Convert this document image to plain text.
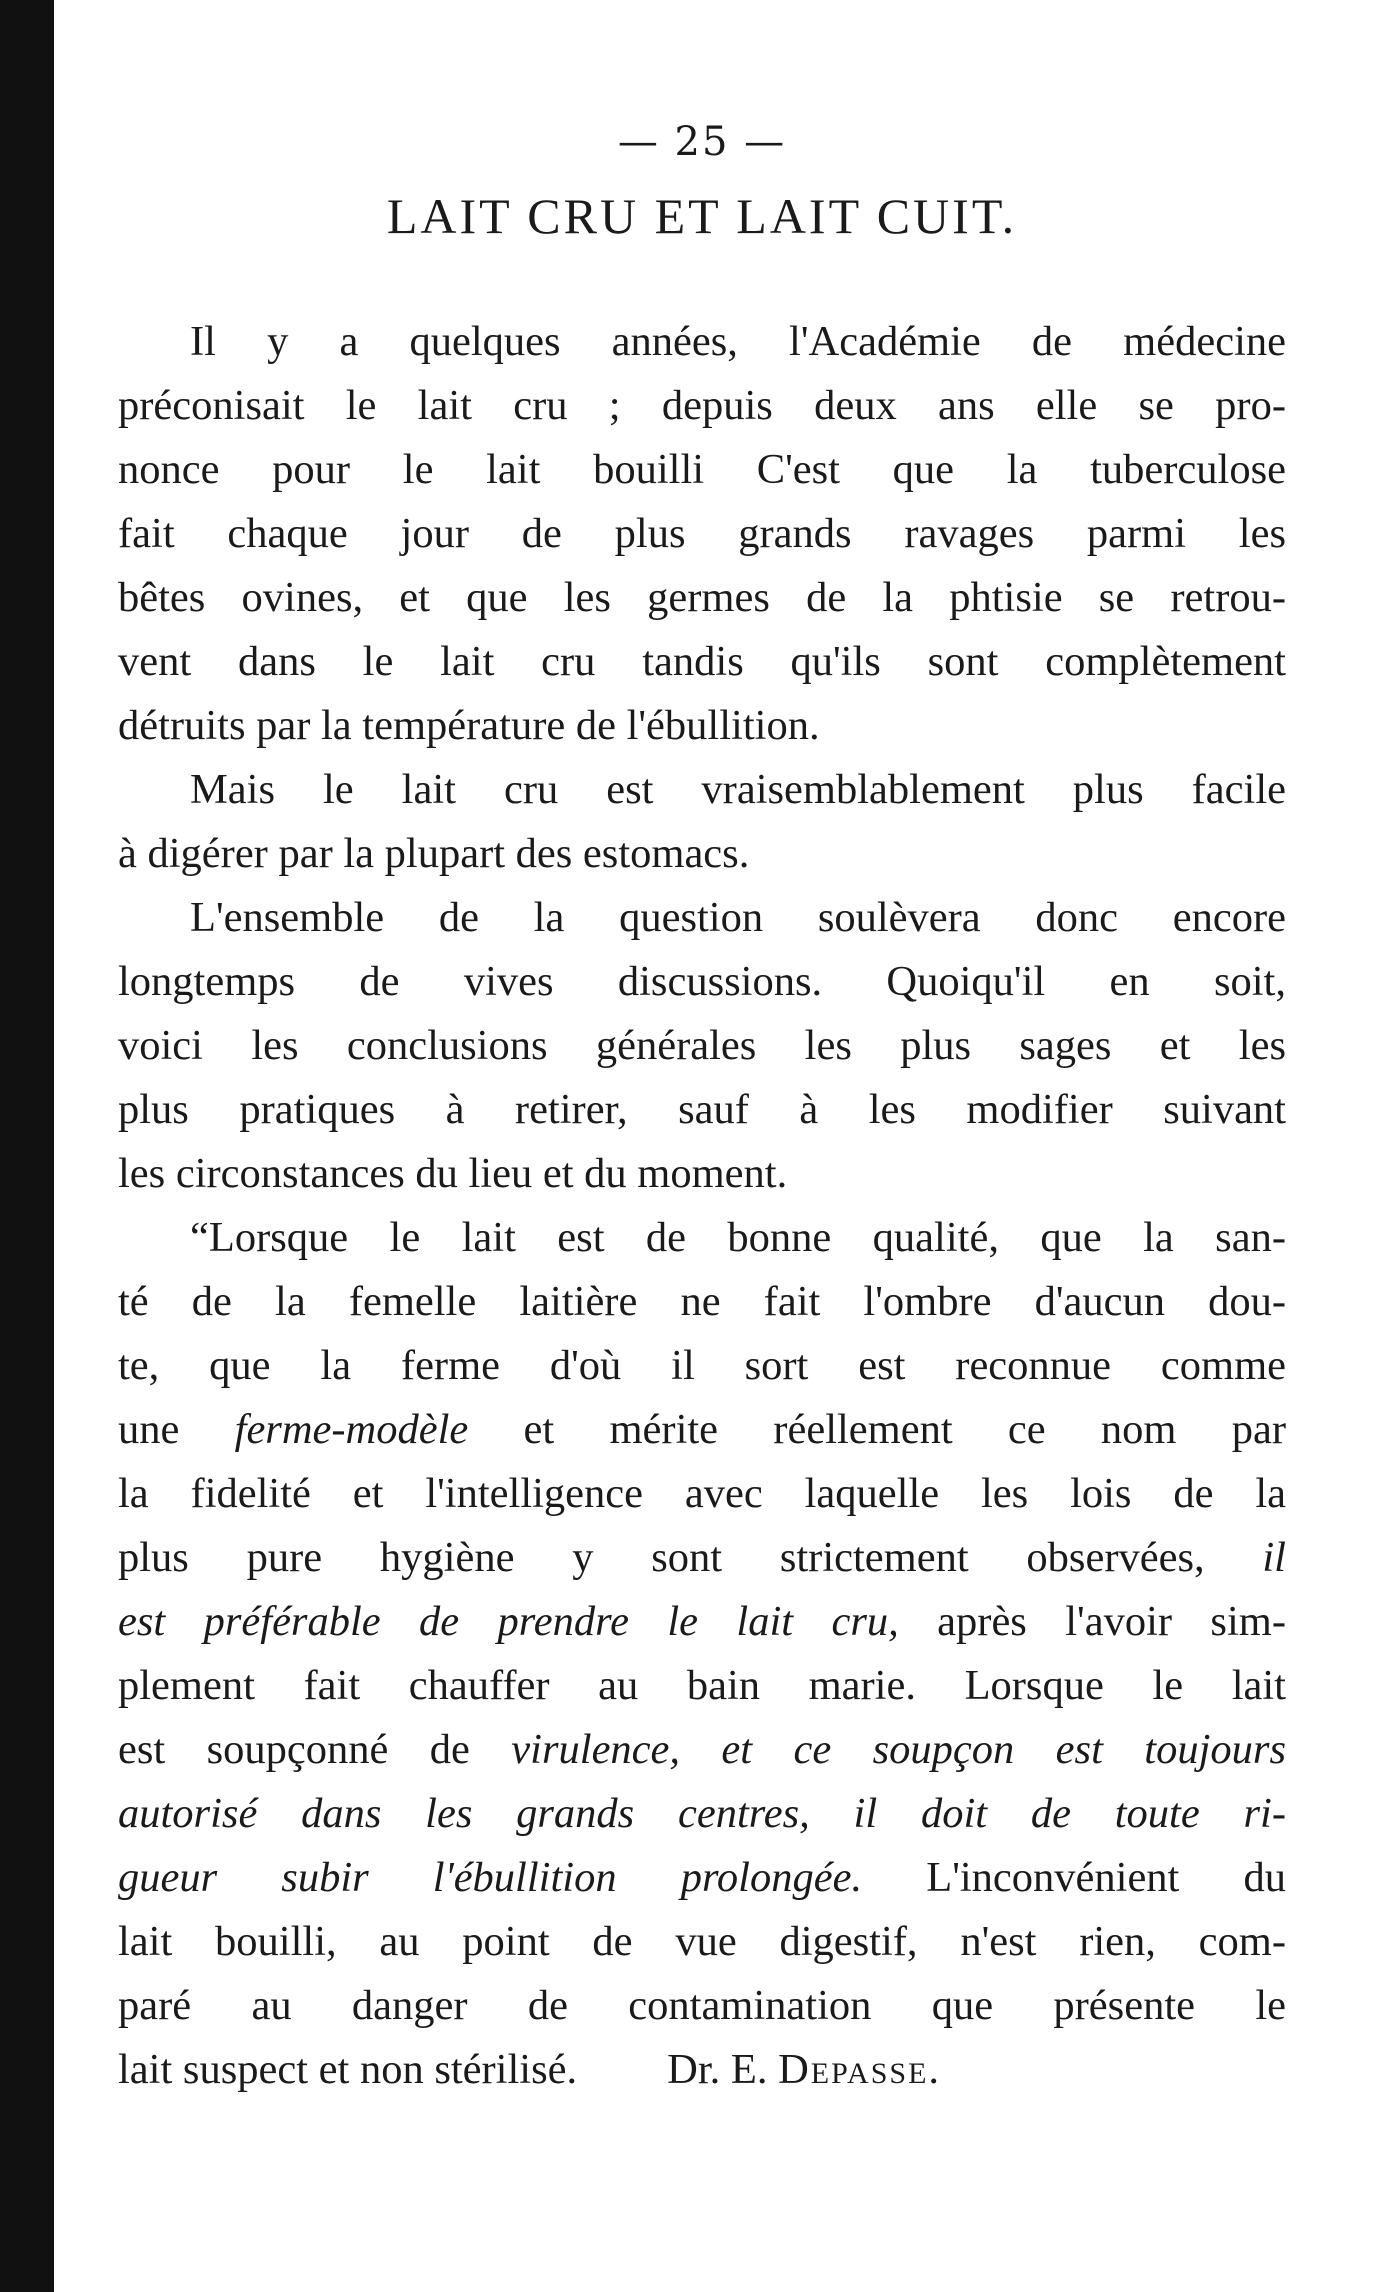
— 25 —
LAIT CRU ET LAIT CUIT.
Il y a quelques années, l'Académie de médecine
préconisait le lait cru ; depuis deux ans elle se pro-
nonce pour le lait bouilli C'est que la tuberculose
fait chaque jour de plus grands ravages parmi les
bêtes ovines, et que les germes de la phtisie se retrou-
vent dans le lait cru tandis qu'ils sont complètement
détruits par la température de l'ébullition.
Mais le lait cru est vraisemblablement plus facile
à digérer par la plupart des estomacs.
L'ensemble de la question soulèvera donc encore
longtemps de vives discussions. Quoiqu'il en soit,
voici les conclusions générales les plus sages et les
plus pratiques à retirer, sauf à les modifier suivant
les circonstances du lieu et du moment.
“Lorsque le lait est de bonne qualité, que la san-
té de la femelle laitière ne fait l'ombre d'aucun dou-
te, que la ferme d'où il sort est reconnue comme
une ferme-modèle et mérite réellement ce nom par
la fidelité et l'intelligence avec laquelle les lois de la
plus pure hygiène y sont strictement observées, il
est préférable de prendre le lait cru, après l'avoir sim-
plement fait chauffer au bain marie. Lorsque le lait
est soupçonné de virulence, et ce soupçon est toujours
autorisé dans les grands centres, il doit de toute ri-
gueur subir l'ébullition prolongée. L'inconvénient du
lait bouilli, au point de vue digestif, n'est rien, com-
paré au danger de contamination que présente le
lait suspect et non stérilisé. Dr. E. Depasse.
